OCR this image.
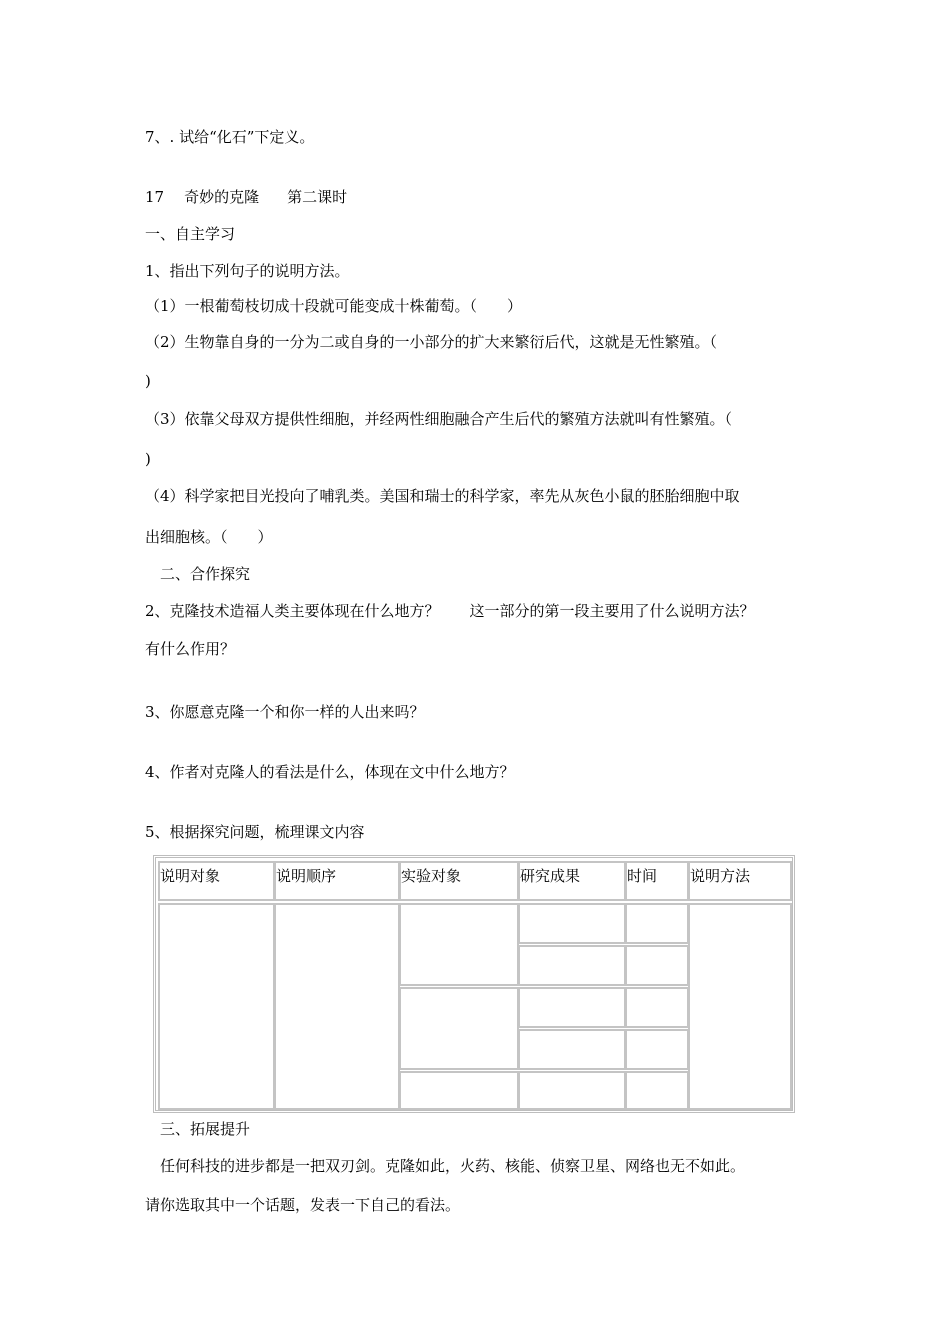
7、. 试给“化石”下定义。
17 奇妙的克隆 第二课时
一、自主学习
1、指出下列句子的说明方法。
（1）一根葡萄枝切成十段就可能变成十株葡萄。（　　）
（2）生物靠自身的一分为二或自身的一小部分的扩大来繁衍后代，这就是无性繁殖。（
)
（3）依靠父母双方提供性细胞，并经两性细胞融合产生后代的繁殖方法就叫有性繁殖。（
)
（4）科学家把目光投向了哺乳类。美国和瑞士的科学家，率先从灰色小鼠的胚胎细胞中取
出细胞核。（　　）
二、合作探究
2、克隆技术造福人类主要体现在什么地方？ 这一部分的第一段主要用了什么说明方法？
有什么作用？
3、你愿意克隆一个和你一样的人出来吗？
4、作者对克隆人的看法是什么，体现在文中什么地方？
5、根据探究问题，梳理课文内容
说明对象	说明顺序	实验对象	研究成果	时间 说明方法
三、拓展提升
任何科技的进步都是一把双刃剑。克隆如此，火药、核能、侦察卫星、网络也无不如此。
请你选取其中一个话题，发表一下自己的看法。
